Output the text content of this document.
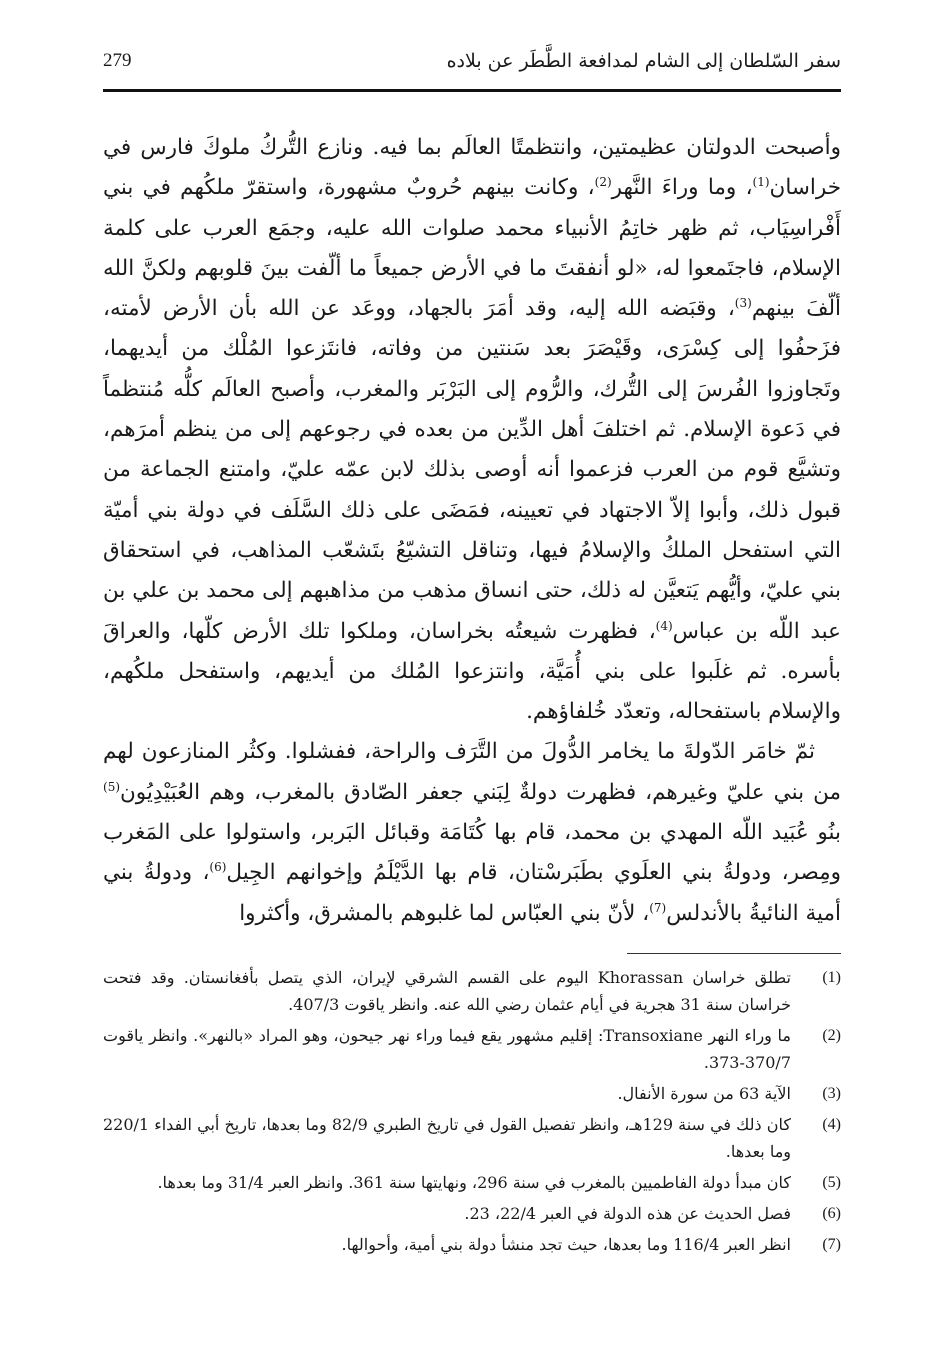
سفر السّلطان إلى الشام لمدافعة الطَّطَر عن بلاده
279

وأصبحت الدولتان عظيمتين، وانتظمتًا العالَم بما فيه. ونازع التُّركُ ملوكَ فارس في خراسان$^{(1)}$، وما وراءَ النَّهر$^{(2)}$، وكانت بينهم حُروبٌ مشهورة، واستقرّ ملكُهم في بني أَفْراسِيَاب، ثم ظهر خاتِمُ الأنبياء محمد صلوات الله عليه، وجمَع العرب على كلمة الإسلام، فاجتَمعوا له، «لو أنفقتَ ما في الأرض جميعاً ما ألّفت بينَ قلوبهم ولكنَّ الله ألّفَ بينهم$^{(3)}$، وقبَضه الله إليه، وقد أمَرَ بالجهاد، ووعَد عن الله بأن الأرض لأمته، فزَحفُوا إلى كِسْرَى، وقَيْصَرَ بعد سَنتين من وفاته، فانتَزعوا المُلْك من أيديهما، وتَجاوزوا الفُرسَ إلى التُّرك، والرُّوم إلى البَرْبَر والمغرب، وأصبح العالَم كلُّه مُنتظماً في دَعوة الإسلام. ثم اختلفَ أهل الدِّين من بعده في رجوعهم إلى من ينظم أمرَهم، وتشيَّع قوم من العرب فزعموا أنه أوصى بذلك لابن عمّه عليّ، وامتنع الجماعة من قبول ذلك، وأبوا إلاّ الاجتهاد في تعيينه، فمَضَى على ذلك السَّلَف في دولة بني أميّة التي استفحل الملكُ والإسلامُ فيها، وتناقل التشيّعُ بتَشعّب المذاهب، في استحقاق بني عليّ، وأيُّهم يَتعيَّن له ذلك، حتى انساق مذهب من مذاهبهم إلى محمد بن علي بن عبد اللّه بن عباس$^{(4)}$، فظهرت شيعتُه بخراسان، وملكوا تلك الأرض كلّها، والعراقَ بأسره. ثم غلَبوا على بني أُمَيَّة، وانتزعوا المُلك من أيديهم، واستفحل ملكُهم، والإسلام باستفحاله، وتعدّد خُلفاؤهم.

ثمّ خامَر الدّولةَ ما يخامر الدُّولَ من التَّرَف والراحة، ففشلوا. وكثُر المنازعون لهم من بني عليّ وغيرهم، فظهرت دولةٌ لِبَني جعفر الصّادق بالمغرب، وهم العُبَيْدِيُون$^{(5)}$ بنُو عُبَيد اللّه المهدي بن محمد، قام بها كُتَامَة وقبائل البَربر، واستولوا على المَغرب ومِصر، ودولةُ بني العلَوي بطَبَرسْتان، قام بها الدَّيْلَمُ وإخوانهم الجِيل$^{(6)}$، ودولةُ بني أمية النائيةُ بالأندلس$^{(7)}$، لأنّ بني العبّاس لما غلبوهم بالمشرق، وأكثروا

(1)
تطلق خراسان Khorassan اليوم على القسم الشرقي لإيران، الذي يتصل بأفغانستان. وقد فتحت خراسان سنة 31 هجرية في أيام عثمان رضي الله عنه. وانظر ياقوت 407/3.
(2)
ما وراء النهر Transoxiane: إقليم مشهور يقع فيما وراء نهر جيحون، وهو المراد «بالنهر». وانظر ياقوت 370/7-373.
(3)
الآية 63 من سورة الأنفال.
(4)
كان ذلك في سنة 129هـ، وانظر تفصيل القول في تاريخ الطبري 82/9 وما بعدها، تاريخ أبي الفداء 220/1 وما بعدها.
(5)
كان مبدأ دولة الفاطميين بالمغرب في سنة 296، ونهايتها سنة 361. وانظر العبر 31/4 وما بعدها.
(6)
فصل الحديث عن هذه الدولة في العبر 22/4، 23.
(7)
انظر العبر 116/4 وما بعدها، حيث تجد منشأ دولة بني أمية، وأحوالها.
